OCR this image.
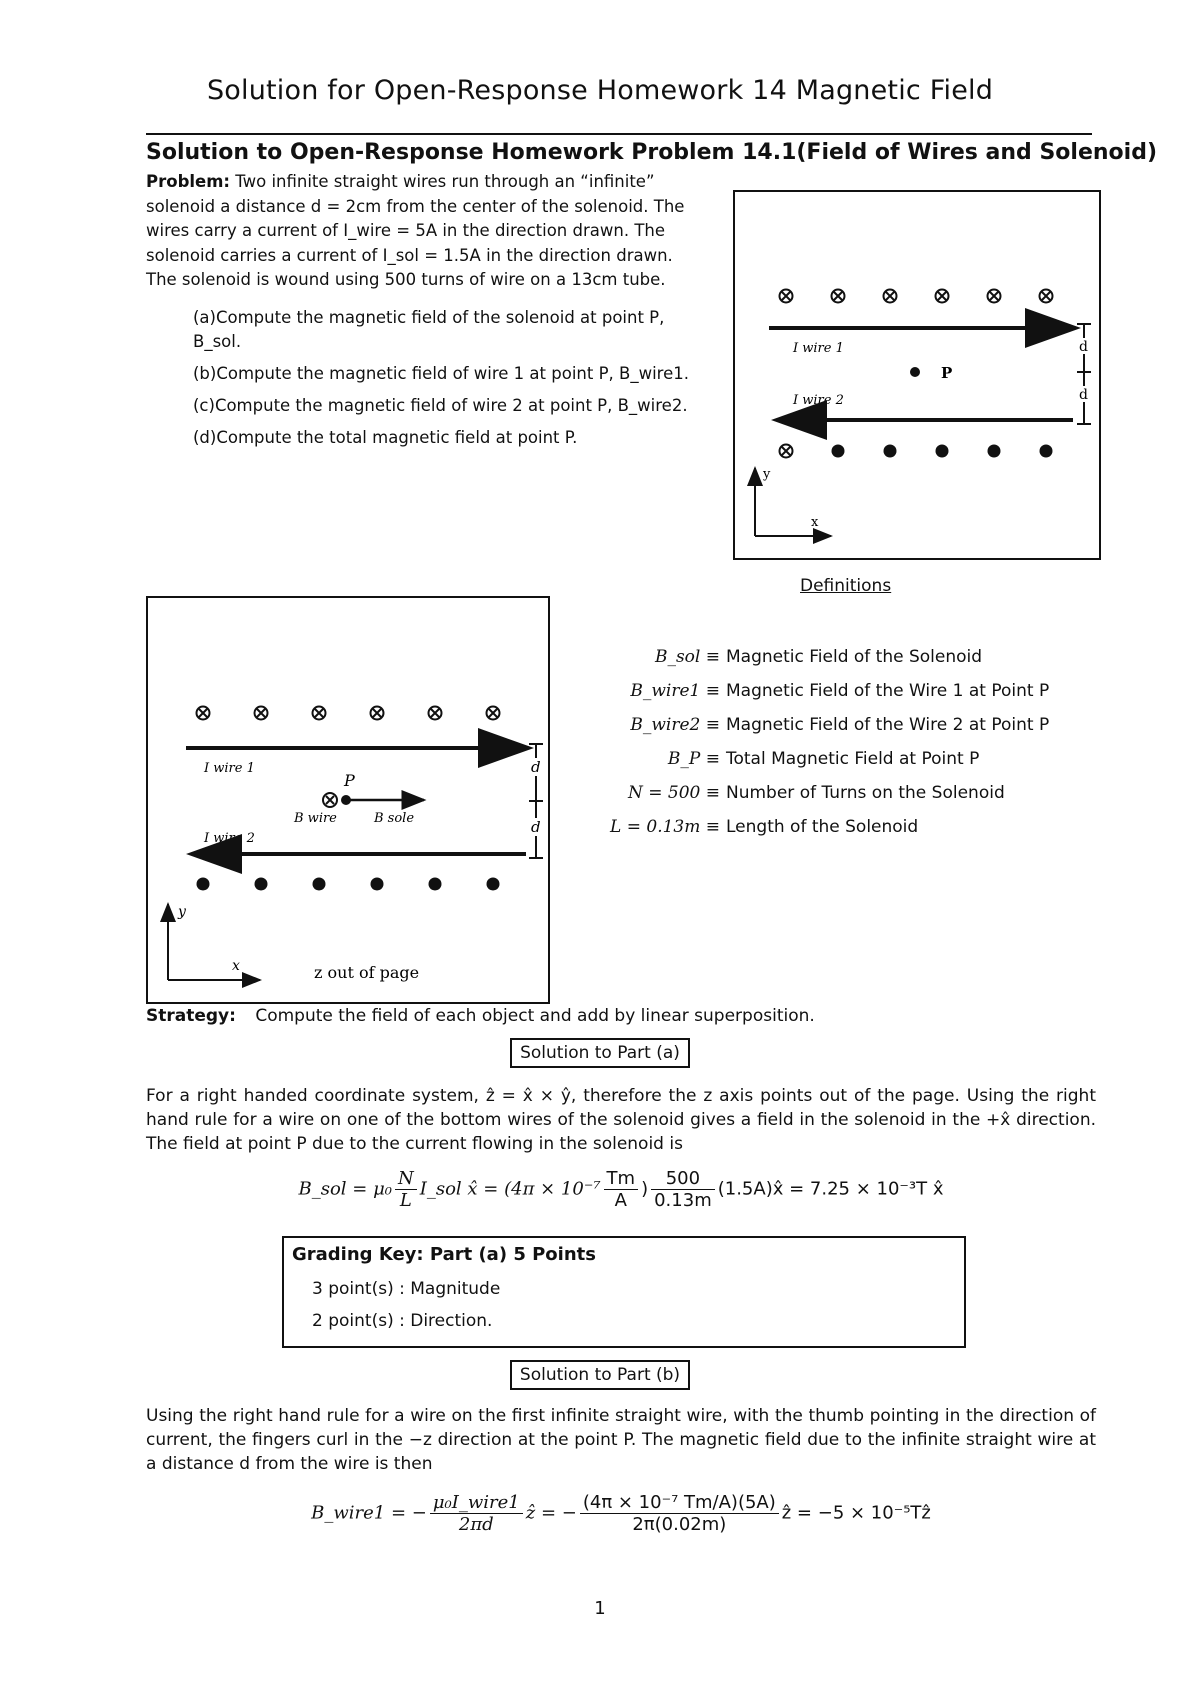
Solution for Open-Response Homework 14 Magnetic Field
Solution to Open-Response Homework Problem 14.1(Field of Wires and Solenoid)
Problem: Two infinite straight wires run through an “infinite” solenoid a distance d = 2cm from the center of the solenoid. The wires carry a current of I_wire = 5A in the direction drawn. The solenoid carries a current of I_sol = 1.5A in the direction drawn. The solenoid is wound using 500 turns of wire on a 13cm tube.
(a)Compute the magnetic field of the solenoid at point P, B_sol.
(b)Compute the magnetic field of wire 1 at point P, B_wire1.
(c)Compute the magnetic field of wire 2 at point P, B_wire2.
(d)Compute the total magnetic field at point P.
I wire 1
P
I wire 2
d
d
y
x
I wire 1
P
B wire	B sole
I wire 2
d
d
y
x	z out of page
Definitions
B_sol ≡ Magnetic Field of the Solenoid
B_wire1 ≡ Magnetic Field of the Wire 1 at Point P
B_wire2 ≡ Magnetic Field of the Wire 2 at Point P
B_P ≡ Total Magnetic Field at Point P
N = 500 ≡ Number of Turns on the Solenoid
L = 0.13m ≡ Length of the Solenoid
Strategy: Compute the field of each object and add by linear superposition.
Solution to Part (a)
For a right handed coordinate system, ẑ = x̂ × ŷ, therefore the z axis points out of the page. Using the right hand rule for a wire on one of the bottom wires of the solenoid gives a field in the solenoid in the +x̂ direction. The field at point P due to the current flowing in the solenoid is
B_sol = $\mu_0 \frac{N}{L}$ I_sol x̂ = ($4\pi \times 10^{-7} \frac{Tm}{A}$ ) $\frac{500}{0.13m}$ (1.5A)x̂ = 7.25 × 10⁻³T x̂
Grading Key: Part (a) 5 Points
3 point(s) : Magnitude
2 point(s) : Direction.
Solution to Part (b)
Using the right hand rule for a wire on the first infinite straight wire, with the thumb pointing in the direction of current, the fingers curl in the −z direction at the point P. The magnetic field due to the infinite straight wire at a distance d from the wire is then
B_wire1 = − $\frac{\text{μ₀I\_wire1}}{2\pi d}$ ẑ = − $\frac{\text{(4π × 10⁻⁷ Tm/A)(5A)}}{2\pi(0.02m)}$ ẑ = −5 × 10⁻⁵Tẑ
1
